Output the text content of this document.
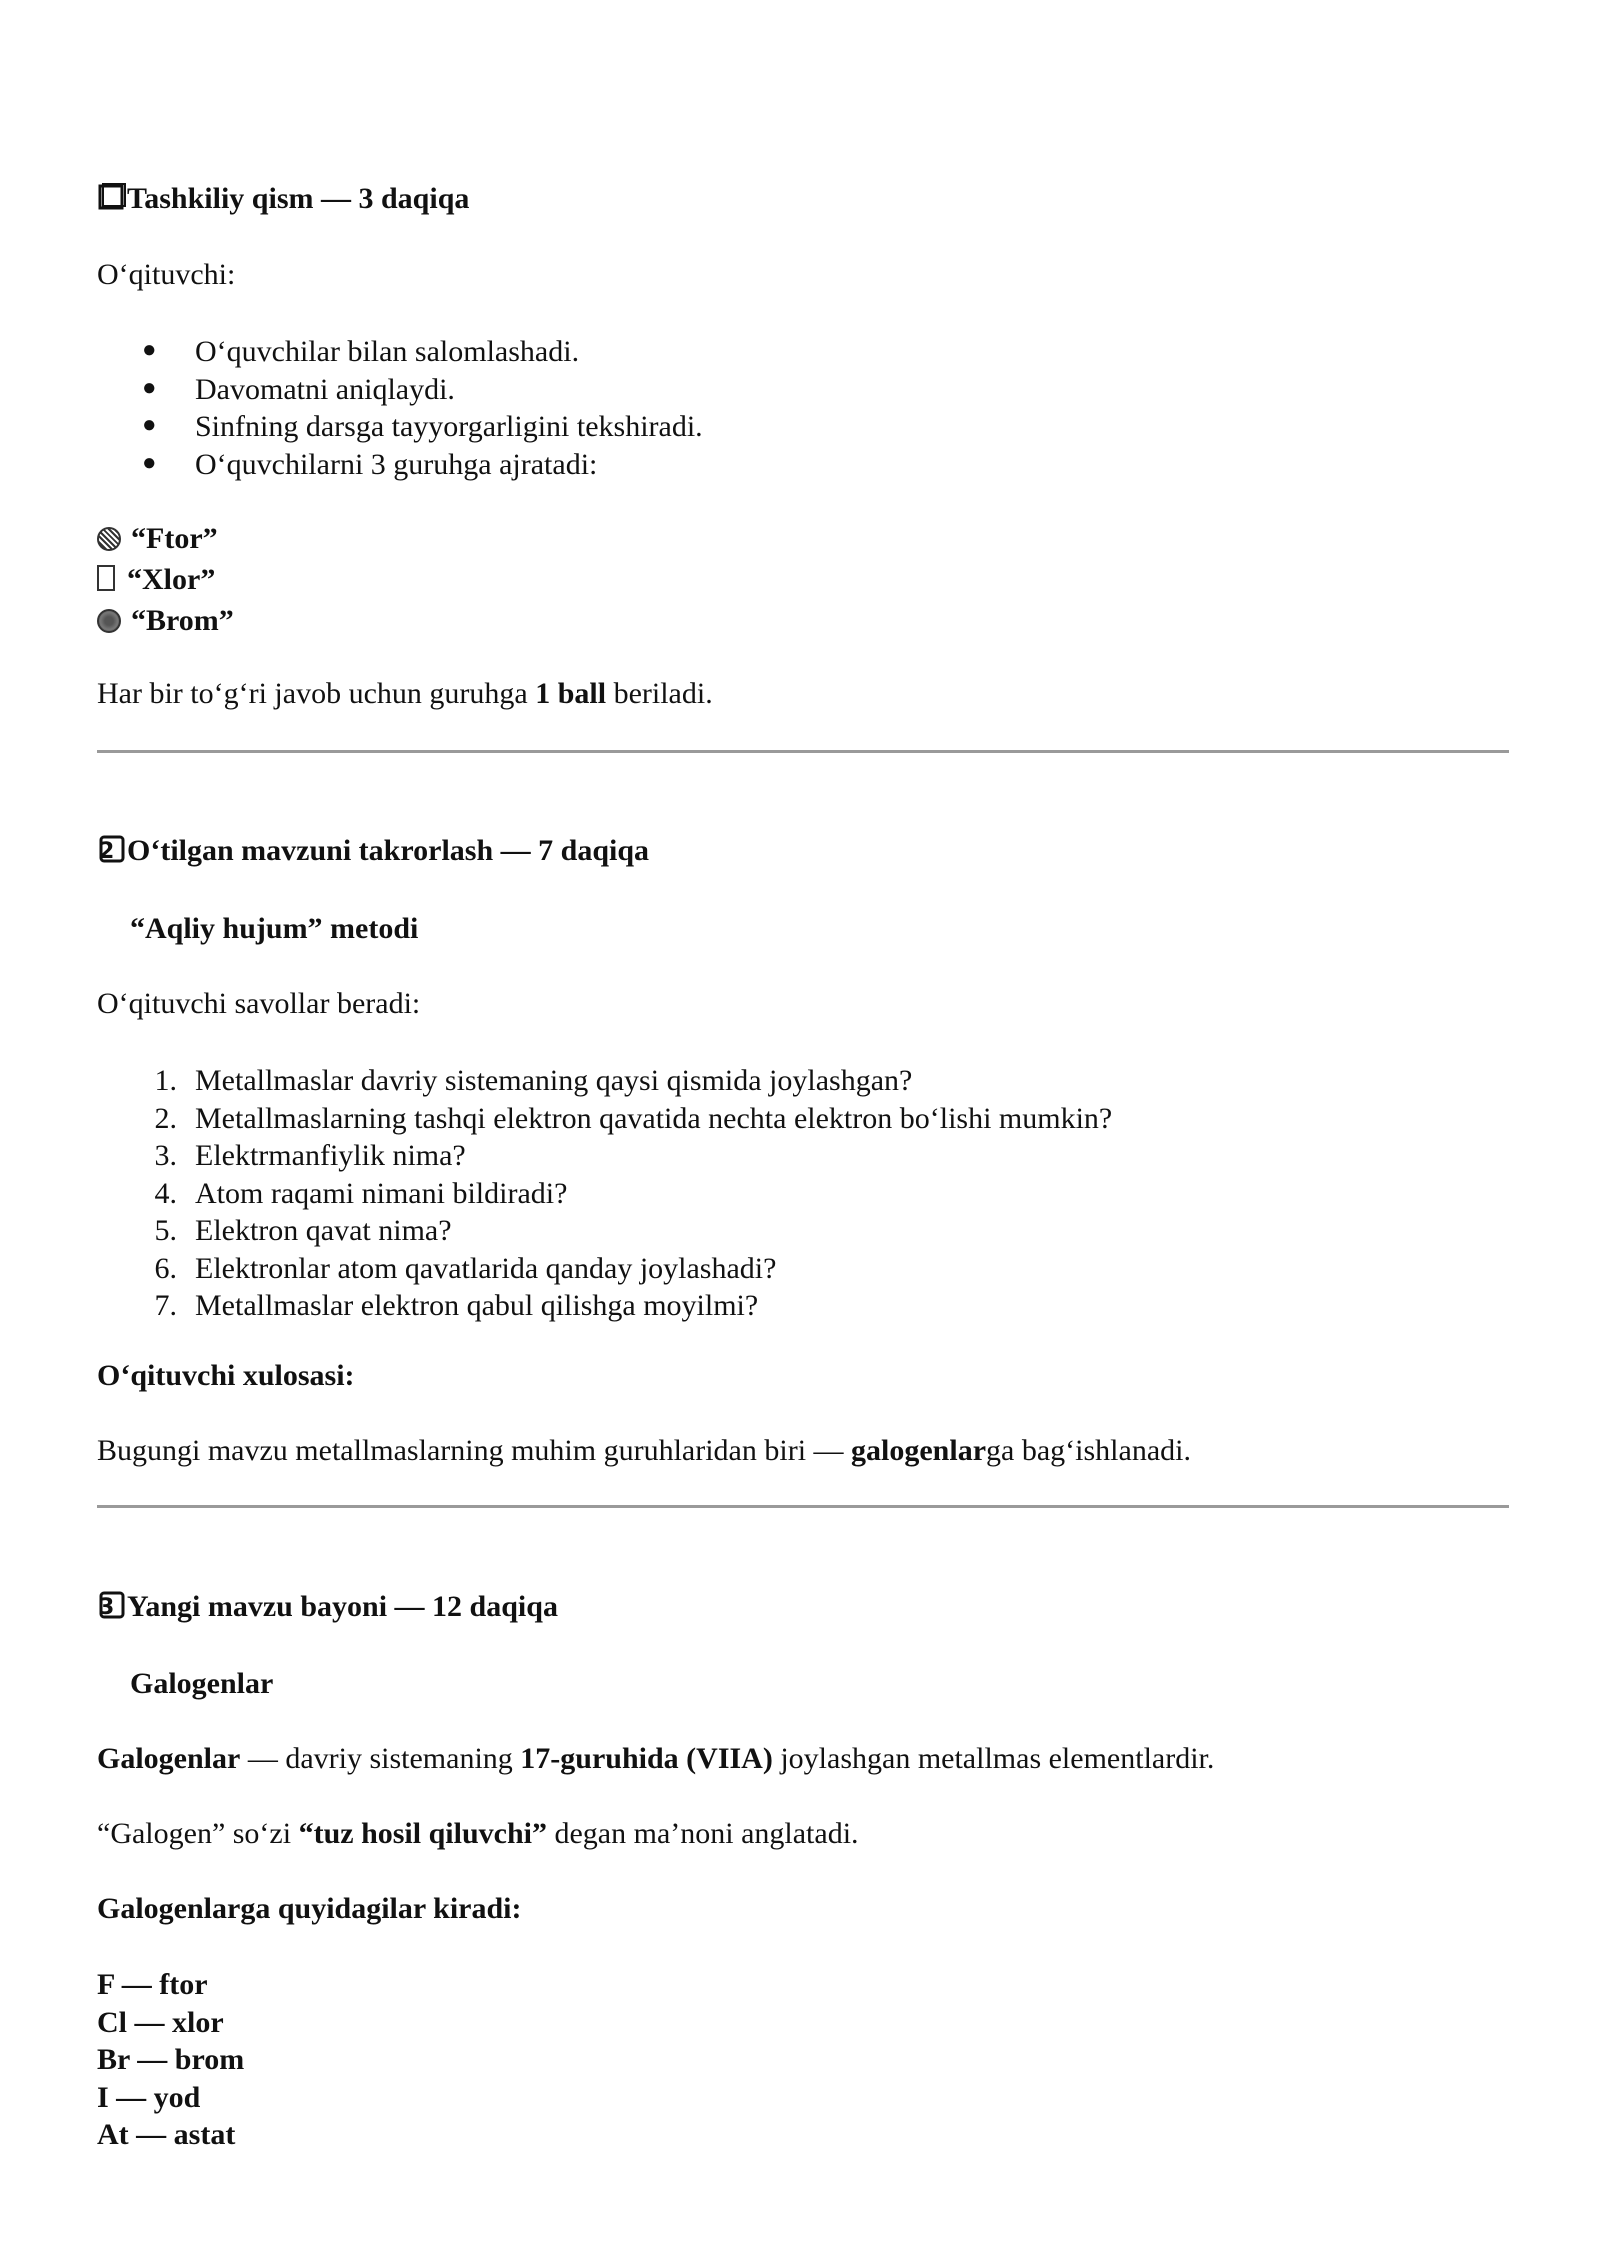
Tashkiliy qism — 3 daqiqa
O‘qituvchi:
● O‘quvchilar bilan salomlashadi.
● Davomatni aniqlaydi.
● Sinfning darsga tayyorgarligini tekshiradi.
● O‘quvchilarni 3 guruhga ajratadi:
“Ftor”
“Xlor”
“Brom”
Har bir to‘g‘ri javob uchun guruhga 1 ball beriladi.
2 O‘tilgan mavzuni takrorlash — 7 daqiqa
“Aqliy hujum” metodi
O‘qituvchi savollar beradi:
1. Metallmaslar davriy sistemaning qaysi qismida joylashgan?
2. Metallmaslarning tashqi elektron qavatida nechta elektron bo‘lishi mumkin?
3. Elektrmanfiylik nima?
4. Atom raqami nimani bildiradi?
5. Elektron qavat nima?
6. Elektronlar atom qavatlarida qanday joylashadi?
7. Metallmaslar elektron qabul qilishga moyilmi?
O‘qituvchi xulosasi:
Bugungi mavzu metallmaslarning muhim guruhlaridan biri — galogenlarga bag‘ishlanadi.
3 Yangi mavzu bayoni — 12 daqiqa
Galogenlar
Galogenlar — davriy sistemaning 17-guruhida (VIIA) joylashgan metallmas elementlardir.
“Galogen” so‘zi “tuz hosil qiluvchi” degan ma’noni anglatadi.
Galogenlarga quyidagilar kiradi:
F — ftor
Cl — xlor
Br — brom
I — yod
At — astat
